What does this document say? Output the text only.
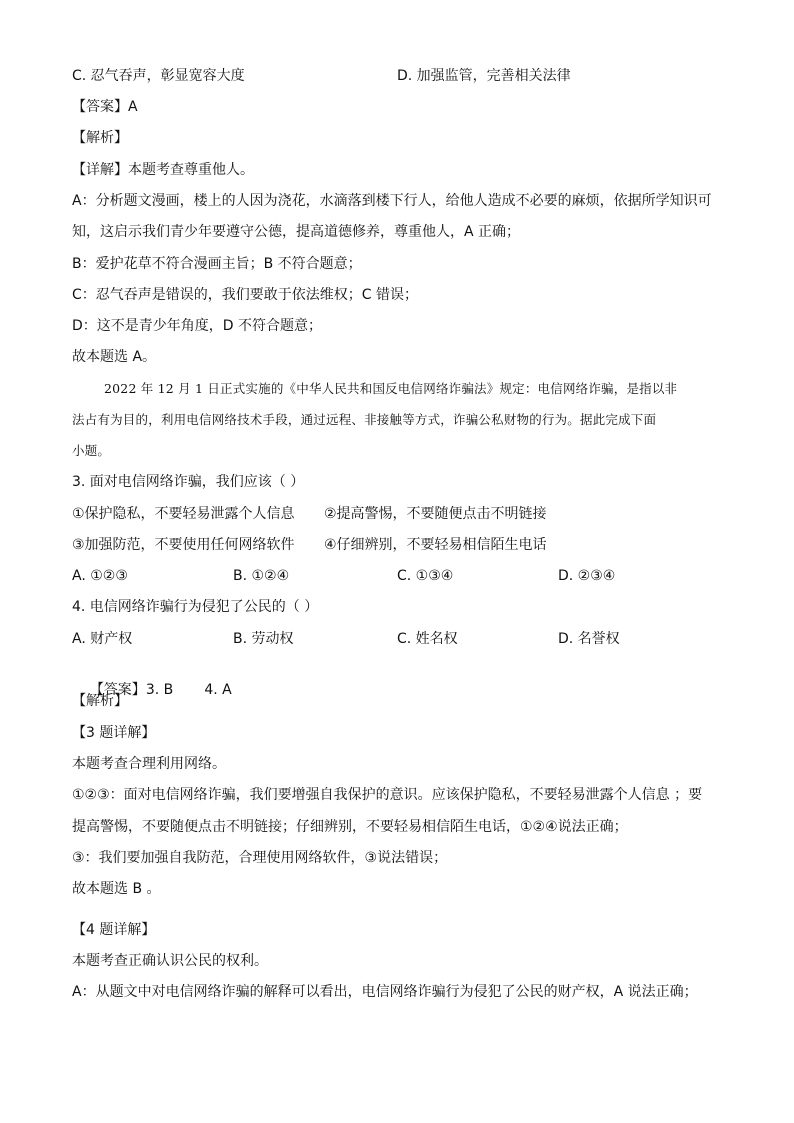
C. 忍气吞声，彰显宽容大度	D. 加强监管，完善相关法律
【答案】A
【解析】
【详解】本题考查尊重他人。
A：分析题文漫画，楼上的人因为浇花，水滴落到楼下行人，给他人造成不必要的麻烦，依据所学知识可
知，这启示我们青少年要遵守公德，提高道德修养，尊重他人，A 正确；
B：爱护花草不符合漫画主旨；B 不符合题意；
C：忍气吞声是错误的，我们要敢于依法维权；C 错误；
D：这不是青少年角度，D 不符合题意；
故本题选 A。
2022 年 12 月 1 日正式实施的《中华人民共和国反电信网络诈骗法》规定：电信网络诈骗，是指以非
法占有为目的，利用电信网络技术手段，通过远程、非接触等方式，诈骗公私财物的行为。据此完成下面
小题。
3. 面对电信网络诈骗，我们应该（ ）
①保护隐私，不要轻易泄露个人信息	②提高警惕，不要随便点击不明链接
③加强防范，不要使用任何网络软件	④仔细辨别，不要轻易相信陌生电话
A. ①②③	B. ①②④	C. ①③④	D. ②③④
4. 电信网络诈骗行为侵犯了公民的（ ）
A. 财产权	B. 劳动权	C. 姓名权	D. 名誉权

【答案】3. B       4. A

【解析】
【3 题详解】
本题考查合理利用网络。
①②③：面对电信网络诈骗，我们要增强自我保护的意识。应该保护隐私，不要轻易泄露个人信息 ；要
提高警惕，不要随便点击不明链接；仔细辨别，不要轻易相信陌生电话，①②④说法正确；
③：我们要加强自我防范，合理使用网络软件，③说法错误；
故本题选 B 。
【4 题详解】
本题考查正确认识公民的权利。
A：从题文中对电信网络诈骗的解释可以看出，电信网络诈骗行为侵犯了公民的财产权，A 说法正确；
